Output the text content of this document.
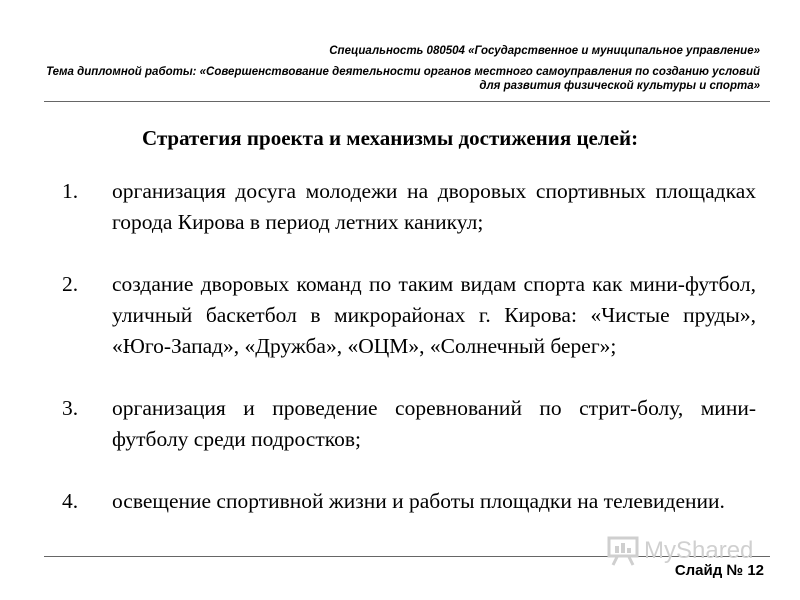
Специальность 080504 «Государственное и муниципальное управление»
Тема дипломной работы: «Совершенствование деятельности органов местного самоуправления по созданию условий
для развития физической культуры и спорта»
Стратегия проекта и механизмы достижения целей:
1.	организация досуга молодежи на дворовых спортивных площадках города Кирова в период летних каникул;
2.	создание дворовых команд по таким видам спорта как мини-футбол, уличный баскетбол в микрорайонах г. Кирова: «Чистые пруды», «Юго-Запад», «Дружба», «ОЦМ», «Солнечный берег»;
3.	организация и проведение соревнований по стрит-болу, мини-футболу среди подростков;
4.	освещение спортивной жизни и работы площадки на телевидении.
MyShared
Слайд № 12
